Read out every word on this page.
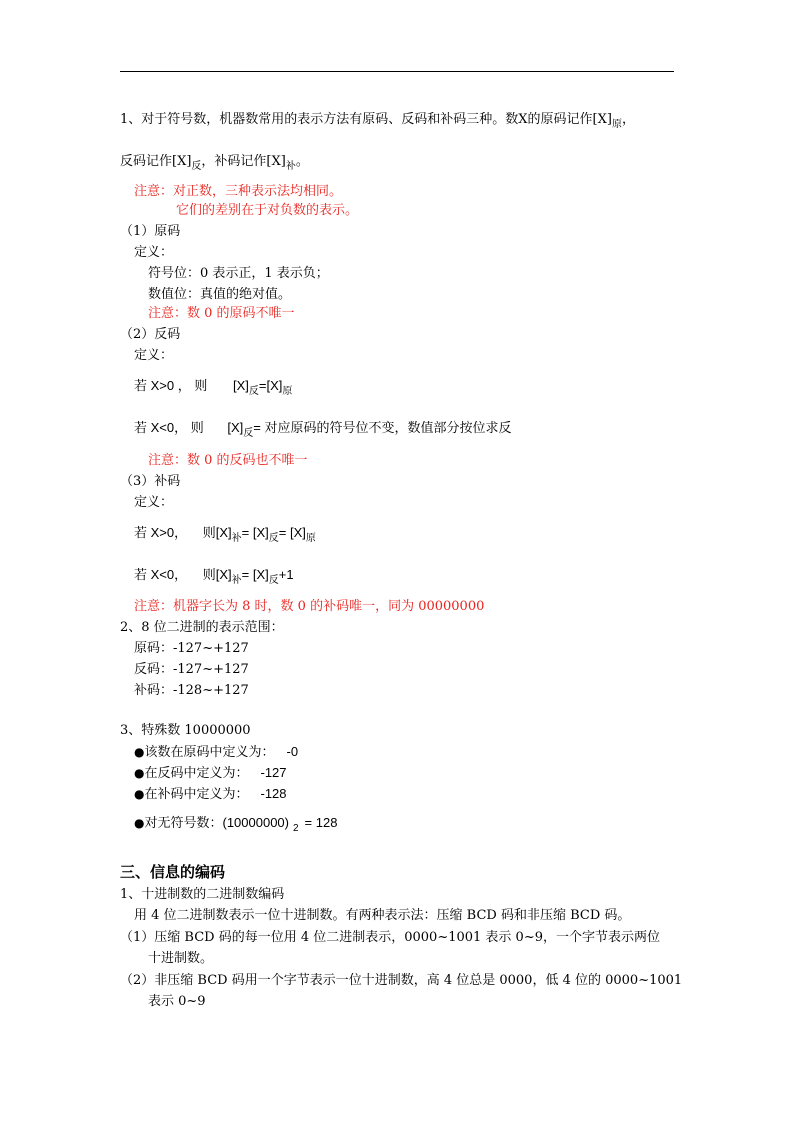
1、对于符号数，机器数常用的表示方法有原码、反码和补码三种。数X的原码记作$[X]_原$，
反码记作$[X]_反$，补码记作$[X]_补$。
注意：对正数，三种表示法均相同。
它们的差别在于对负数的表示。
（1）原码
定义：
符号位：0 表示正，1 表示负；
数值位：真值的绝对值。
注意：数 0 的原码不唯一
（2）反码
定义：
若 X>0 ， 则 $[X]_反=[X]_原$
若 X<0， 则 $[X]_反=$ 对应原码的符号位不变，数值部分按位求反
注意：数 0 的反码也不唯一
（3）补码
定义：
若 X>0， 则$[X]_补= [X]_反= [X]_原$
若 X<0， 则$[X]_补= [X]_反+1$
注意：机器字长为 8 时，数 0 的补码唯一，同为 00000000
2、8 位二进制的表示范围：
原码：-127~+127
反码：-127~+127
补码：-128~+127
3、特殊数 10000000
●该数在原码中定义为： -0
●在反码中定义为： -127
●在补码中定义为： -128
●对无符号数：(10000000) $_2$ = 128
三、信息的编码
1、十进制数的二进制数编码
用 4 位二进制数表示一位十进制数。有两种表示法：压缩 BCD 码和非压缩 BCD 码。
（1）压缩 BCD 码的每一位用 4 位二进制表示，0000~1001 表示 0~9，一个字节表示两位
十进制数。
（2）非压缩 BCD 码用一个字节表示一位十进制数，高 4 位总是 0000，低 4 位的 0000~1001
表示 0~9
